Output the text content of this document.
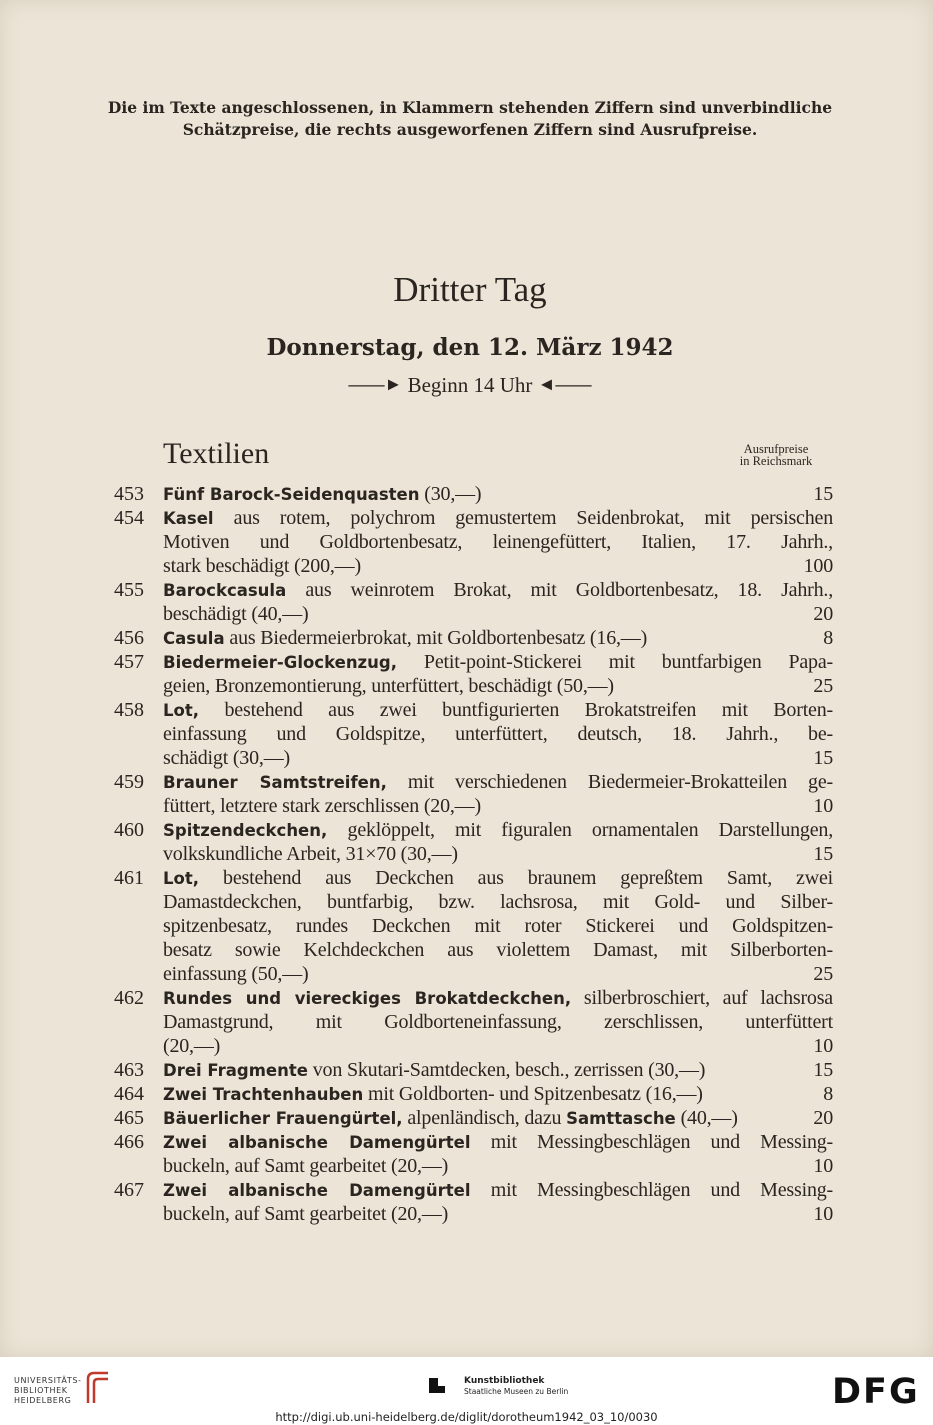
Die im Texte angeschlossenen, in Klammern stehenden Ziffern sind unverbindliche
Schätzpreise, die rechts ausgeworfenen Ziffern sind Ausrufpreise.
Dritter Tag
Donnerstag, den 12. März 1942
——► Beginn 14 Uhr ◄——
Textilien	Ausrufpreise
in Reichsmark
453 Fünf Barock-Seidenquasten (30,—)	15
454 Kasel aus rotem, polychrom gemustertem Seidenbrokat, mit persischen
Motiven und Goldbortenbesatz, leinengefüttert, Italien, 17. Jahrh.,
stark beschädigt (200,—)	100
455 Barockcasula aus weinrotem Brokat, mit Goldbortenbesatz, 18. Jahrh.,
beschädigt (40,—)	20
456 Casula aus Biedermeierbrokat, mit Goldbortenbesatz (16,—)	8
457 Biedermeier-Glockenzug, Petit-point-Stickerei mit buntfarbigen Papa-
geien, Bronzemontierung, unterfüttert, beschädigt (50,—)	25
458 Lot, bestehend aus zwei buntfigurierten Brokatstreifen mit Borten-
einfassung und Goldspitze, unterfüttert, deutsch, 18. Jahrh., be-
schädigt (30,—)	15
459 Brauner Samtstreifen, mit verschiedenen Biedermeier-Brokatteilen ge-
füttert, letztere stark zerschlissen (20,—)	10
460 Spitzendeckchen, geklöppelt, mit figuralen ornamentalen Darstellungen,
volkskundliche Arbeit, 31×70 (30,—)	15
461 Lot, bestehend aus Deckchen aus braunem gepreßtem Samt, zwei
Damastdeckchen, buntfarbig, bzw. lachsrosa, mit Gold- und Silber-
spitzenbesatz, rundes Deckchen mit roter Stickerei und Goldspitzen-
besatz sowie Kelchdeckchen aus violettem Damast, mit Silberborten-
einfassung (50,—)	25
462 Rundes und viereckiges Brokatdeckchen, silberbroschiert, auf lachsrosa
Damastgrund, mit Goldborteneinfassung, zerschlissen, unterfüttert
(20,—)	10
463 Drei Fragmente von Skutari-Samtdecken, besch., zerrissen (30,—)	15
464 Zwei Trachtenhauben mit Goldborten- und Spitzenbesatz (16,—)	8
465 Bäuerlicher Frauengürtel, alpenländisch, dazu Samttasche (40,—)	20
466 Zwei albanische Damengürtel mit Messingbeschlägen und Messing-
buckeln, auf Samt gearbeitet (20,—)	10
467 Zwei albanische Damengürtel mit Messingbeschlägen und Messing-
buckeln, auf Samt gearbeitet (20,—)	10
UNIVERSITÄTS-
BIBLIOTHEK
HEIDELBERG
Kunstbibliothek
Staatliche Museen zu Berlin	DFG
http://digi.ub.uni-heidelberg.de/diglit/dorotheum1942_03_10/0030
